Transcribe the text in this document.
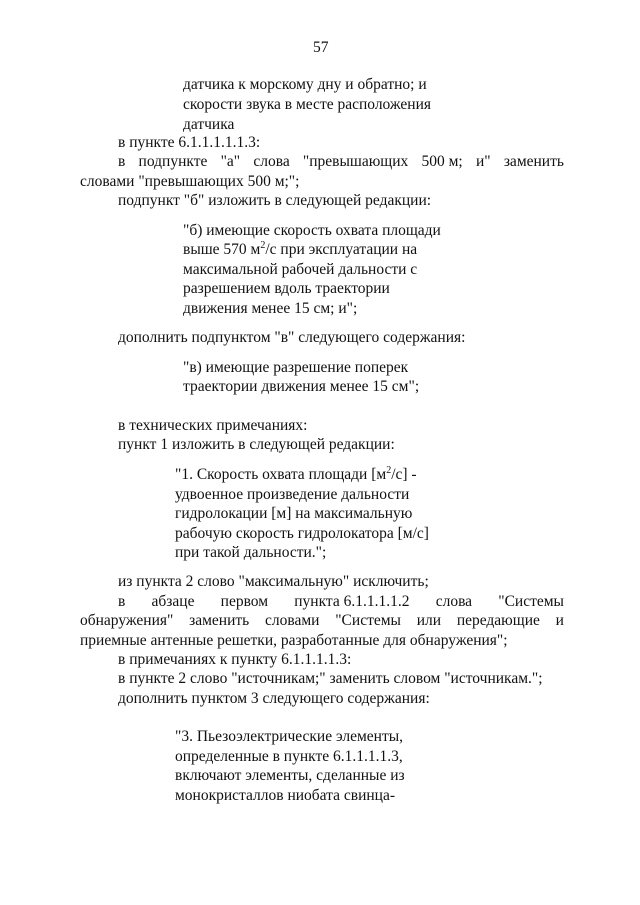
57
датчика к морскому дну и обратно; и
скорости звука в месте расположения
датчика
в пункте 6.1.1.1.1.1.3:
в подпункте "а" слова "превышающих 500 м; и" заменить
словами "превышающих 500 м;";
подпункт "б" изложить в следующей редакции:
"б) имеющие скорость охвата площади
выше 570 $м^2/с$ при эксплуатации на
максимальной рабочей дальности с
разрешением вдоль траектории
движения менее 15 см; и";
дополнить подпунктом "в" следующего содержания:
"в) имеющие разрешение поперек
траектории движения менее 15 см";
в технических примечаниях:
пункт 1 изложить в следующей редакции:
"1. Скорость охвата площади $[м^2/с]$ -
удвоенное произведение дальности
гидролокации [м] на максимальную
рабочую скорость гидролокатора [м/с]
при такой дальности.";
из пункта 2 слово "максимальную" исключить;
в абзаце первом пункта 6.1.1.1.1.2 слова "Системы
обнаружения" заменить словами "Системы или передающие и
приемные антенные решетки, разработанные для обнаружения";
в примечаниях к пункту 6.1.1.1.1.3:
в пункте 2 слово "источникам;" заменить словом "источникам.";
дополнить пунктом 3 следующего содержания:
"3. Пьезоэлектрические элементы,
определенные в пункте 6.1.1.1.1.3,
включают элементы, сделанные из
монокристаллов ниобата свинца-
